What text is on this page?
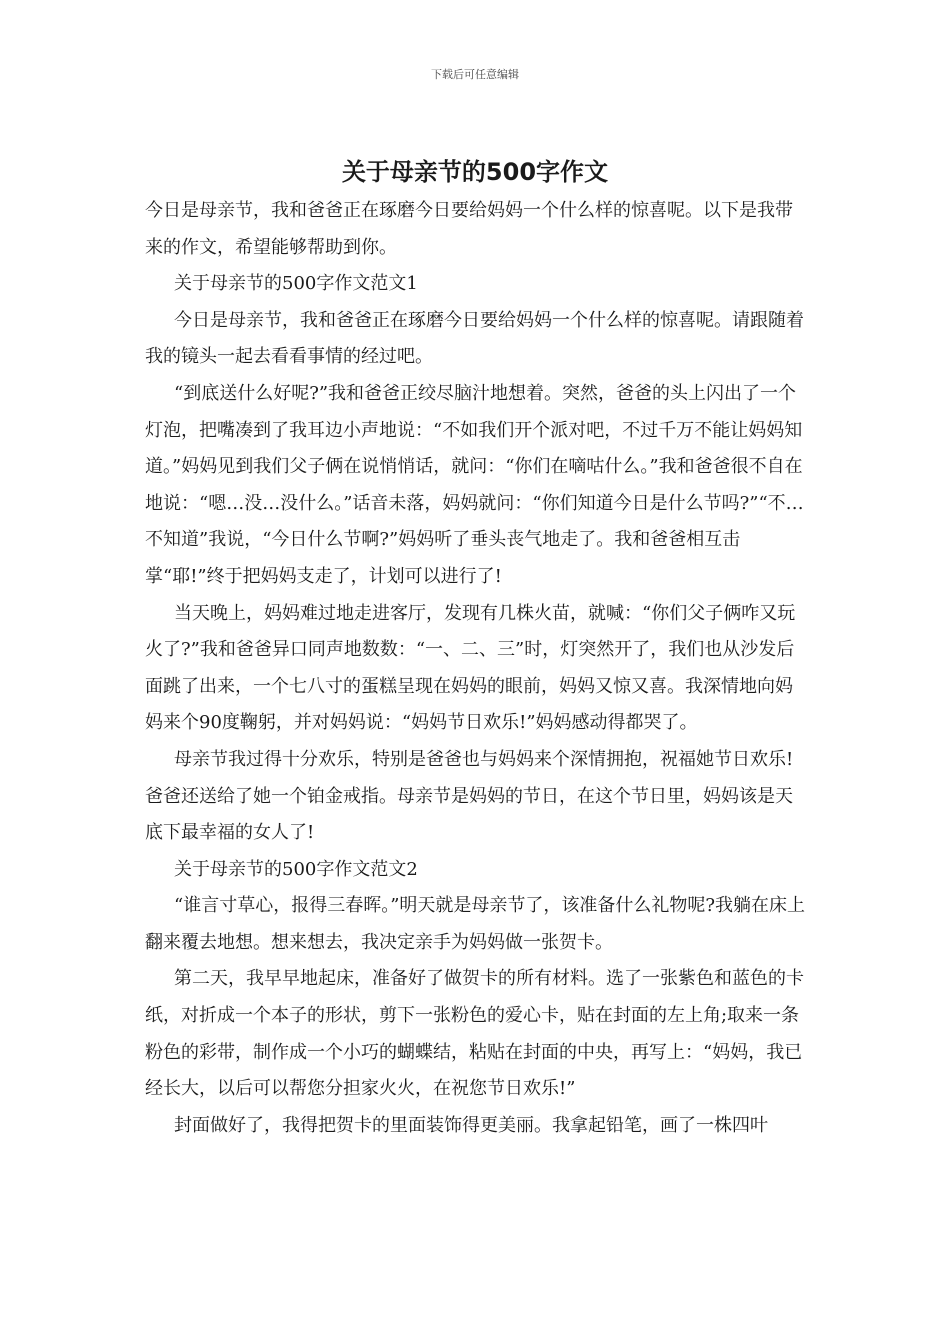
下载后可任意编辑
关于母亲节的500字作文

今日是母亲节，我和爸爸正在琢磨今日要给妈妈一个什么样的惊喜呢。以下是我带来的作文，希望能够帮助到你。

关于母亲节的500字作文范文1

今日是母亲节，我和爸爸正在琢磨今日要给妈妈一个什么样的惊喜呢。请跟随着我的镜头一起去看看事情的经过吧。

“到底送什么好呢?”我和爸爸正绞尽脑汁地想着。突然，爸爸的头上闪出了一个灯泡，把嘴凑到了我耳边小声地说：“不如我们开个派对吧，不过千万不能让妈妈知道。”妈妈见到我们父子俩在说悄悄话，就问：“你们在嘀咕什么。”我和爸爸很不自在地说：“嗯…没…没什么。”话音未落，妈妈就问：“你们知道今日是什么节吗?”“不…不知道”我说，“今日什么节啊?”妈妈听了垂头丧气地走了。我和爸爸相互击掌“耶!”终于把妈妈支走了，计划可以进行了!

当天晚上，妈妈难过地走进客厅，发现有几株火苗，就喊：“你们父子俩咋又玩火了?”我和爸爸异口同声地数数：“一、二、三”时，灯突然开了，我们也从沙发后面跳了出来，一个七八寸的蛋糕呈现在妈妈的眼前，妈妈又惊又喜。我深情地向妈妈来个90度鞠躬，并对妈妈说：“妈妈节日欢乐!”妈妈感动得都哭了。

母亲节我过得十分欢乐，特别是爸爸也与妈妈来个深情拥抱，祝福她节日欢乐!爸爸还送给了她一个铂金戒指。母亲节是妈妈的节日，在这个节日里，妈妈该是天底下最幸福的女人了!

关于母亲节的500字作文范文2

“谁言寸草心，报得三春晖。”明天就是母亲节了，该准备什么礼物呢?我躺在床上翻来覆去地想。想来想去，我决定亲手为妈妈做一张贺卡。

第二天，我早早地起床，准备好了做贺卡的所有材料。选了一张紫色和蓝色的卡纸，对折成一个本子的形状，剪下一张粉色的爱心卡，贴在封面的左上角;取来一条粉色的彩带，制作成一个小巧的蝴蝶结，粘贴在封面的中央，再写上：“妈妈，我已经长大，以后可以帮您分担家火火，在祝您节日欢乐!”

封面做好了，我得把贺卡的里面装饰得更美丽。我拿起铅笔，画了一株四叶
